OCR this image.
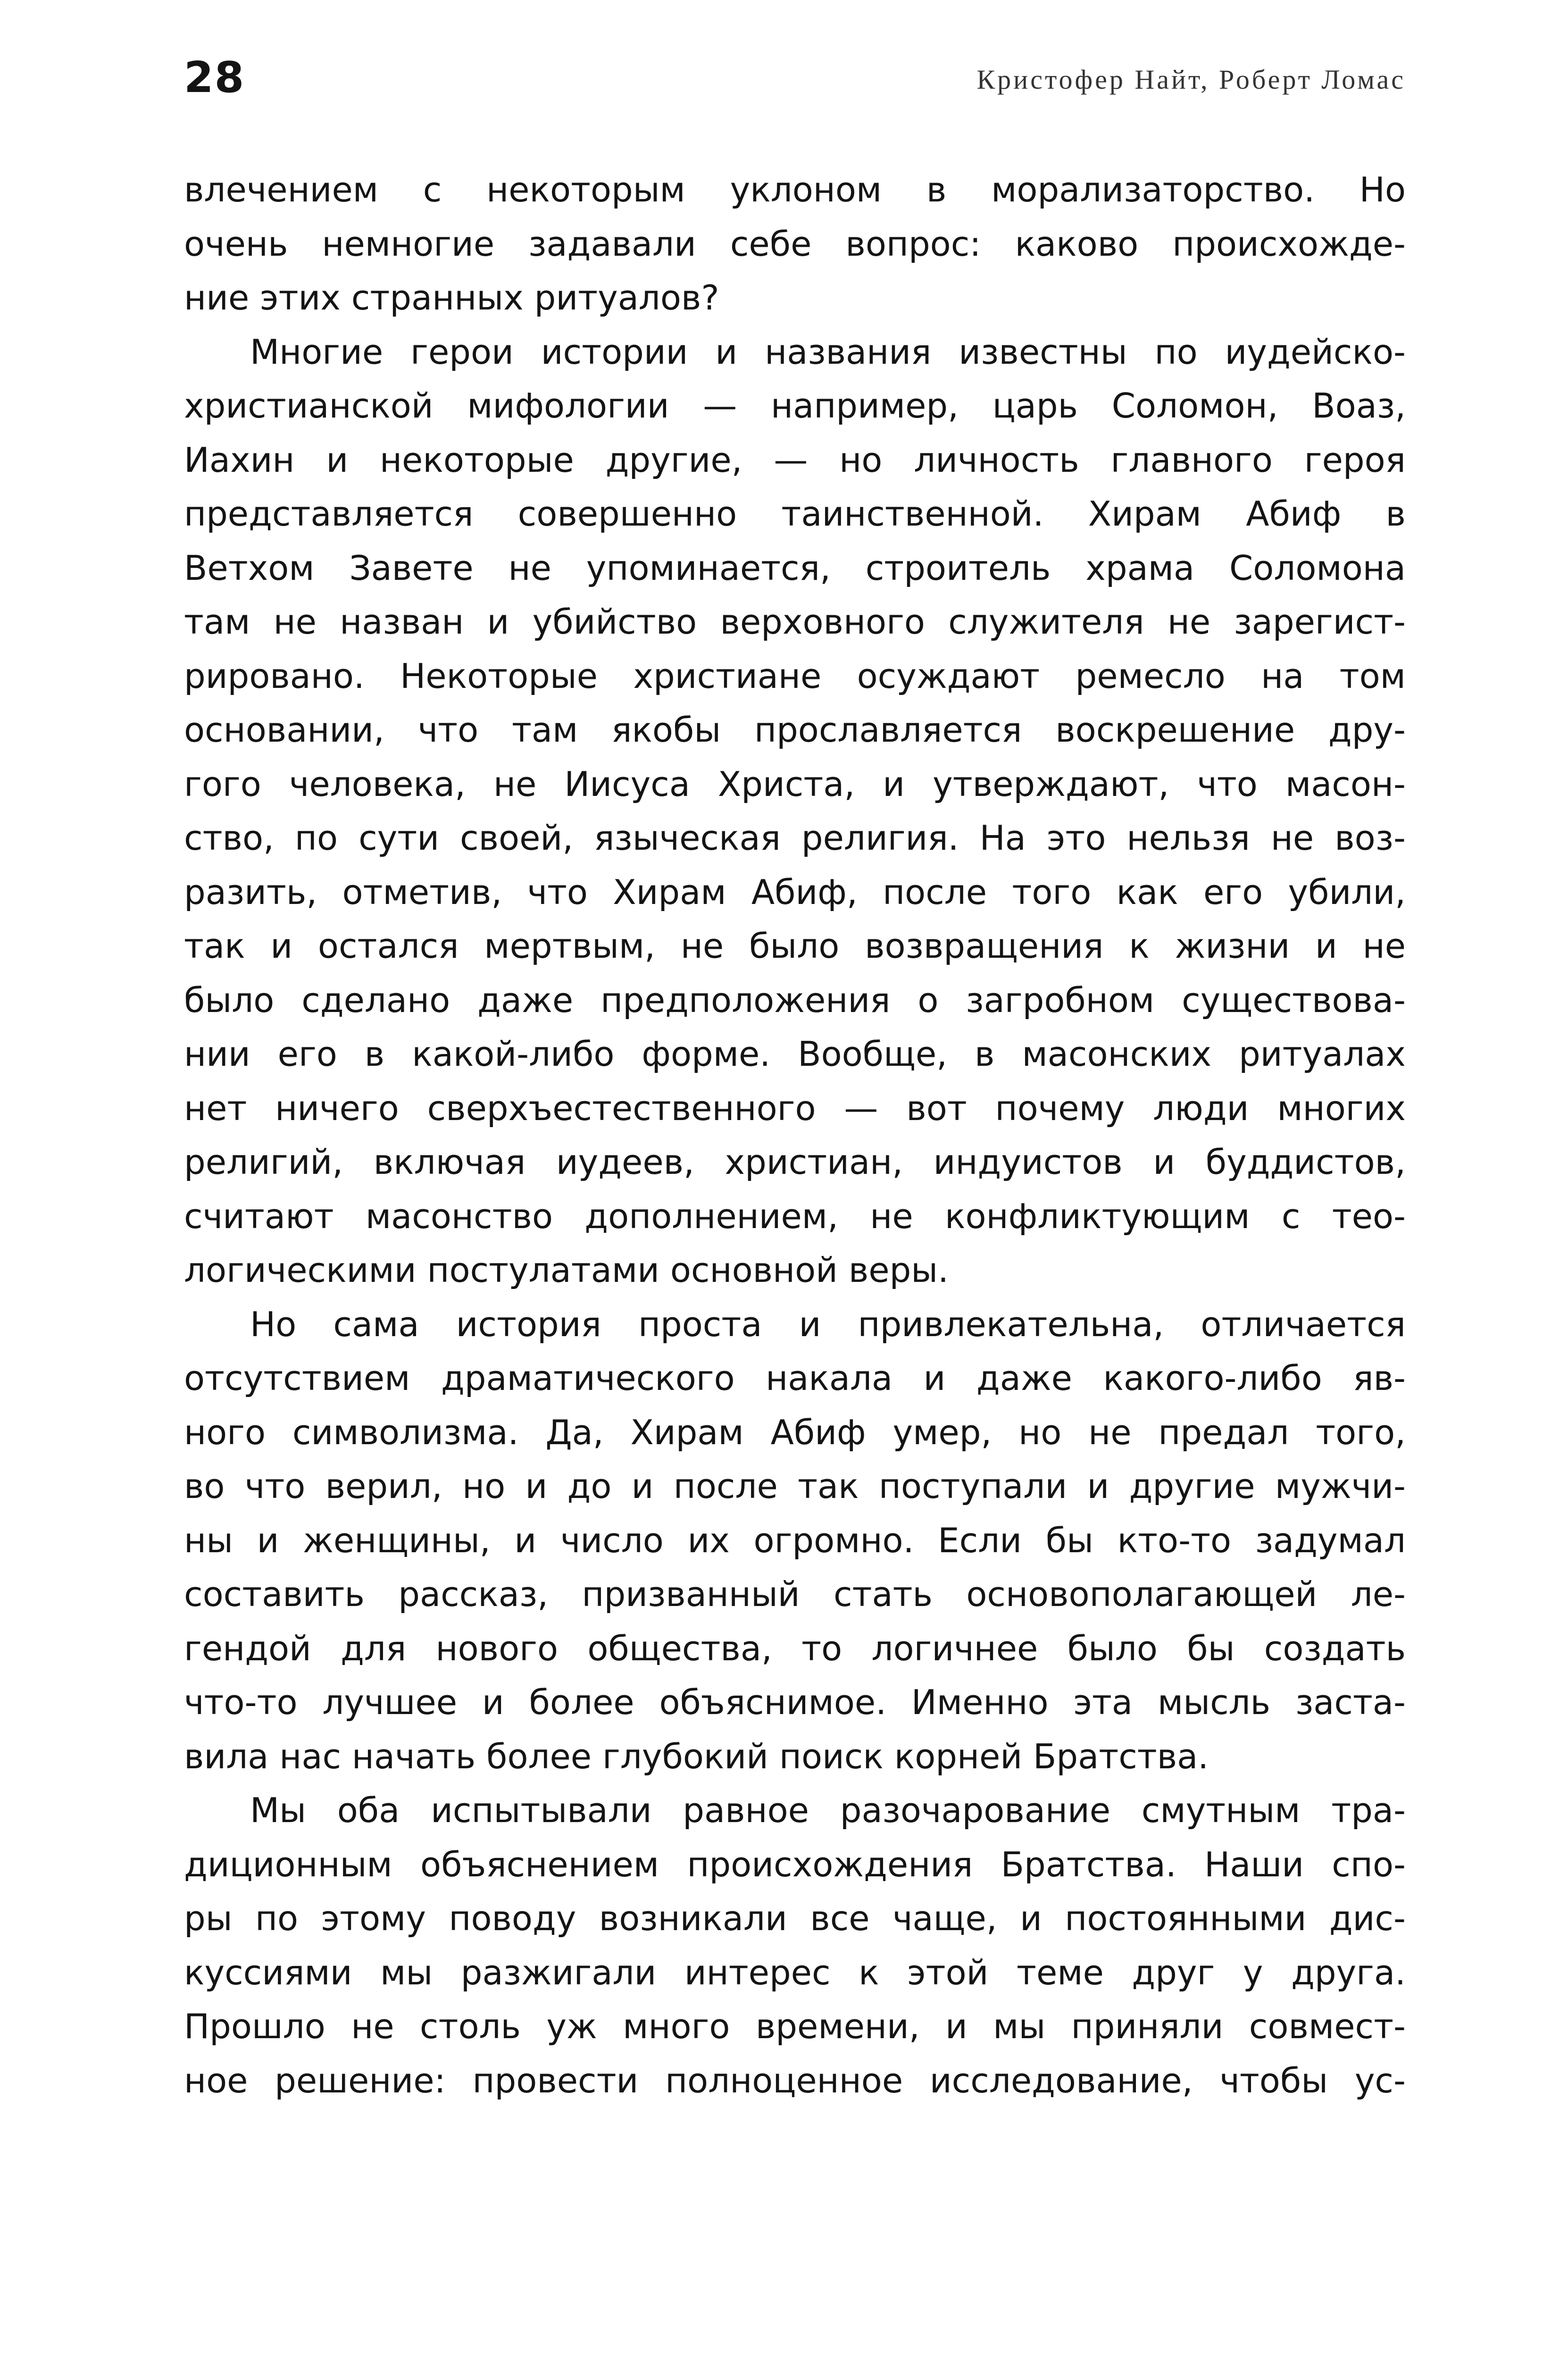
28	Кристофер Найт, Роберт Ломас
влечением с некоторым уклоном в морализаторство. Но
очень немногие задавали себе вопрос: каково происхожде-
ние этих странных ритуалов?
Многие герои истории и названия известны по иудейско-
христианской мифологии — например, царь Соломон, Воаз,
Иахин и некоторые другие, — но личность главного героя
представляется совершенно таинственной. Хирам Абиф в
Ветхом Завете не упоминается, строитель храма Соломона
там не назван и убийство верховного служителя не зарегист-
рировано. Некоторые христиане осуждают ремесло на том
основании, что там якобы прославляется воскрешение дру-
гого человека, не Иисуса Христа, и утверждают, что масон-
ство, по сути своей, языческая религия. На это нельзя не воз-
разить, отметив, что Хирам Абиф, после того как его убили,
так и остался мертвым, не было возвращения к жизни и не
было сделано даже предположения о загробном существова-
нии его в какой-либо форме. Вообще, в масонских ритуалах
нет ничего сверхъестественного — вот почему люди многих
религий, включая иудеев, христиан, индуистов и буддистов,
считают масонство дополнением, не конфликтующим с тео-
логическими постулатами основной веры.
Но сама история проста и привлекательна, отличается
отсутствием драматического накала и даже какого-либо яв-
ного символизма. Да, Хирам Абиф умер, но не предал того,
во что верил, но и до и после так поступали и другие мужчи-
ны и женщины, и число их огромно. Если бы кто-то задумал
составить рассказ, призванный стать основополагающей ле-
гендой для нового общества, то логичнее было бы создать
что-то лучшее и более объяснимое. Именно эта мысль заста-
вила нас начать более глубокий поиск корней Братства.
Мы оба испытывали равное разочарование смутным тра-
диционным объяснением происхождения Братства. Наши спо-
ры по этому поводу возникали все чаще, и постоянными дис-
куссиями мы разжигали интерес к этой теме друг у друга.
Прошло не столь уж много времени, и мы приняли совмест-
ное решение: провести полноценное исследование, чтобы ус-
